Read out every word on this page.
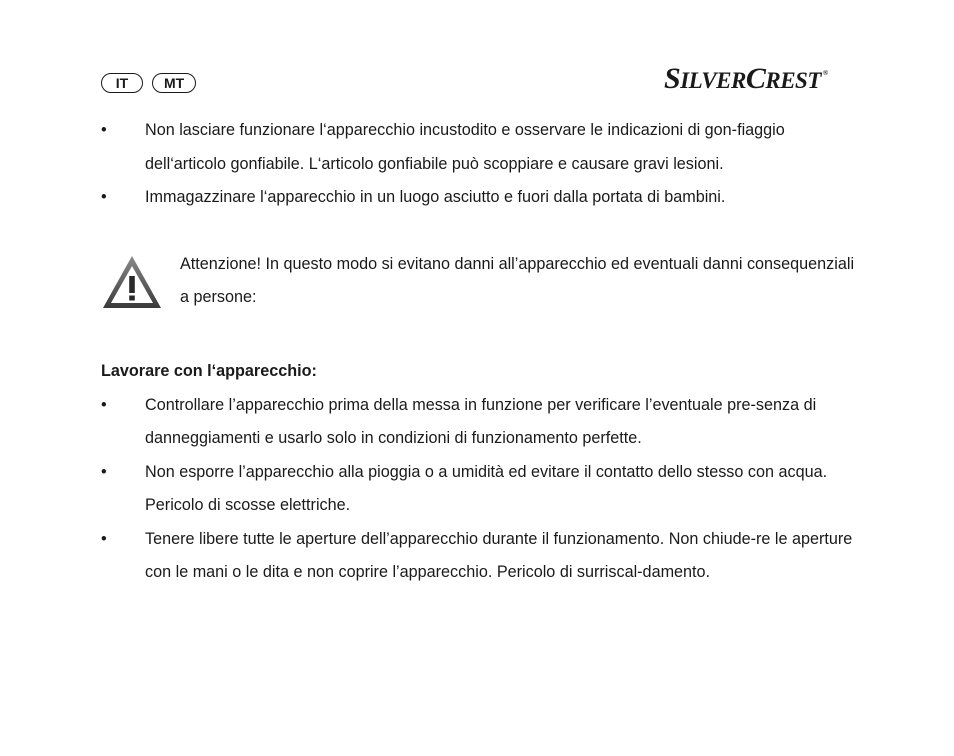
IT	MT	SILVERCREST ®
•	Non lasciare funzionare l‘apparecchio incustodito e osservare le indicazioni di gon-fiaggio dell‘articolo gonfiabile. L‘articolo gonfiabile può scoppiare e causare gravi lesioni.
•	Immagazzinare l‘apparecchio in un luogo asciutto e fuori dalla portata di bambini.
Attenzione! In questo modo si evitano danni all’apparecchio ed eventuali danni consequenziali a persone:
Lavorare con l‘apparecchio:
•	Controllare l’apparecchio prima della messa in funzione per verificare l’eventuale pre-senza di danneggiamenti e usarlo solo in condizioni di funzionamento perfette.
•	Non esporre l’apparecchio alla pioggia o a umidità ed evitare il contatto dello stesso con acqua. Pericolo di scosse elettriche.
•	Tenere libere tutte le aperture dell’apparecchio durante il funzionamento. Non chiude-re le aperture con le mani o le dita e non coprire l’apparecchio. Pericolo di surriscal-damento.
